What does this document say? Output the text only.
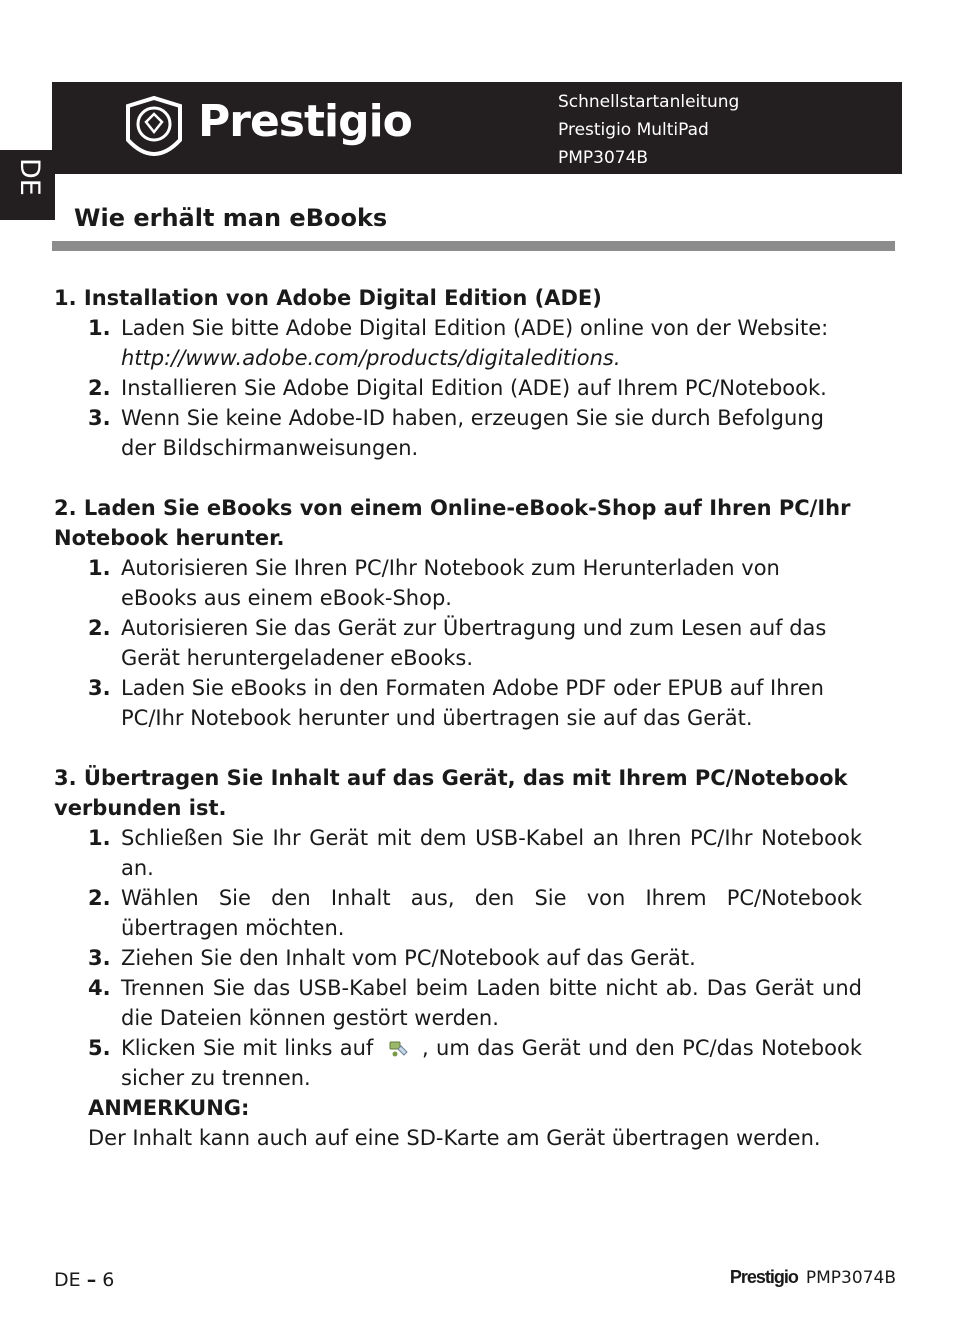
Prestigio	Schnellstartanleitung
Prestigio MultiPad
PMP3074B
DE
Wie erhält man eBooks

1. Installation von Adobe Digital Edition (ADE)

1. Laden Sie bitte Adobe Digital Edition (ADE) online von der Website:
http://www.adobe.com/products/digitaleditions.
2. Installieren Sie Adobe Digital Edition (ADE) auf Ihrem PC/Notebook.
3. Wenn Sie keine Adobe-ID haben, erzeugen Sie sie durch Befolgung der Bildschirmanweisungen.

2. Laden Sie eBooks von einem Online-eBook-Shop auf Ihren PC/Ihr Notebook herunter.

1. Autorisieren Sie Ihren PC/Ihr Notebook zum Herunterladen von eBooks aus einem eBook-Shop.
2. Autorisieren Sie das Gerät zur Übertragung und zum Lesen auf das Gerät heruntergeladener eBooks.
3. Laden Sie eBooks in den Formaten Adobe PDF oder EPUB auf Ihren PC/Ihr Notebook herunter und übertragen sie auf das Gerät.

3. Übertragen Sie Inhalt auf das Gerät, das mit Ihrem PC/Notebook verbunden ist.

1. Schließen Sie Ihr Gerät mit dem USB-Kabel an Ihren PC/Ihr Notebook an.
2. Wählen Sie den Inhalt aus, den Sie von Ihrem PC/Notebook übertragen möchten.
3. Ziehen Sie den Inhalt vom PC/Notebook auf das Gerät.
4. Trennen Sie das USB-Kabel beim Laden bitte nicht ab. Das Gerät und die Dateien können gestört werden.
5. Klicken Sie mit links auf , um das Gerät und den PC/das Notebook sicher zu trennen.
ANMERKUNG:
Der Inhalt kann auch auf eine SD-Karte am Gerät übertragen werden.
DE – 6	Prestigio PMP3074B
